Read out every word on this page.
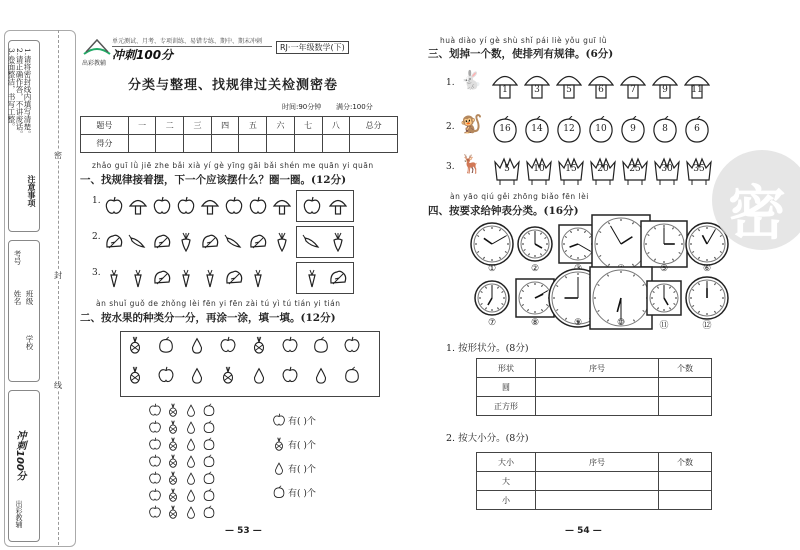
注意事项
1.请将密封线内填写清楚。
2.请正确作答，不讲废话。
3.卷面整洁，书写工整。
学校
班级
姓名
考号
冲刺100分
出彩教辅
密
封
线
出彩教辅
冲刺100分
单元测试、月考、专项训练、易错专练、期中、期末冲刺
RJ·一年级数学(下)
分类与整理、找规律过关检测密卷
时间:90分钟 满分:100分
题号	一	二	三	四	五	六	七	八	总分
得分									
zhǎo guī lǜ jiē zhe bǎi xià yí gè yīng gāi bǎi shén me quān yi quān
一、找规律接着摆，下一个应该摆什么？圈一圈。(12分)
1.
2.
3.
àn shuǐ guǒ de zhǒng lèi fēn yi fēn zài tú yì tú tián yi tián
二、按水果的种类分一分，再涂一涂，填一填。(12分)
有( )个
有( )个
有( )个
有( )个
— 53 —
huà diào yí gè shù shǐ pái liè yǒu guī lǜ
三、划掉一个数，使排列有规律。(6分)
1. 🐇	1	3	5	6	7	9	11
2. 🐒	16	14	12	10	9	8	6
3. 🦌	5	10	15	20	25	30	35
àn yāo qiú gěi zhōng biǎo fēn lèi
四、按要求给钟表分类。(16分)
①	②	⑤	⑥
⑦	⑧	⑨	⑩	⑪	⑫
1. 按形状分。(8分)
形状	序号	个数
圆		
正方形		
2. 按大小分。(8分)
大小	序号	个数
大		
小		
密
— 54 —
